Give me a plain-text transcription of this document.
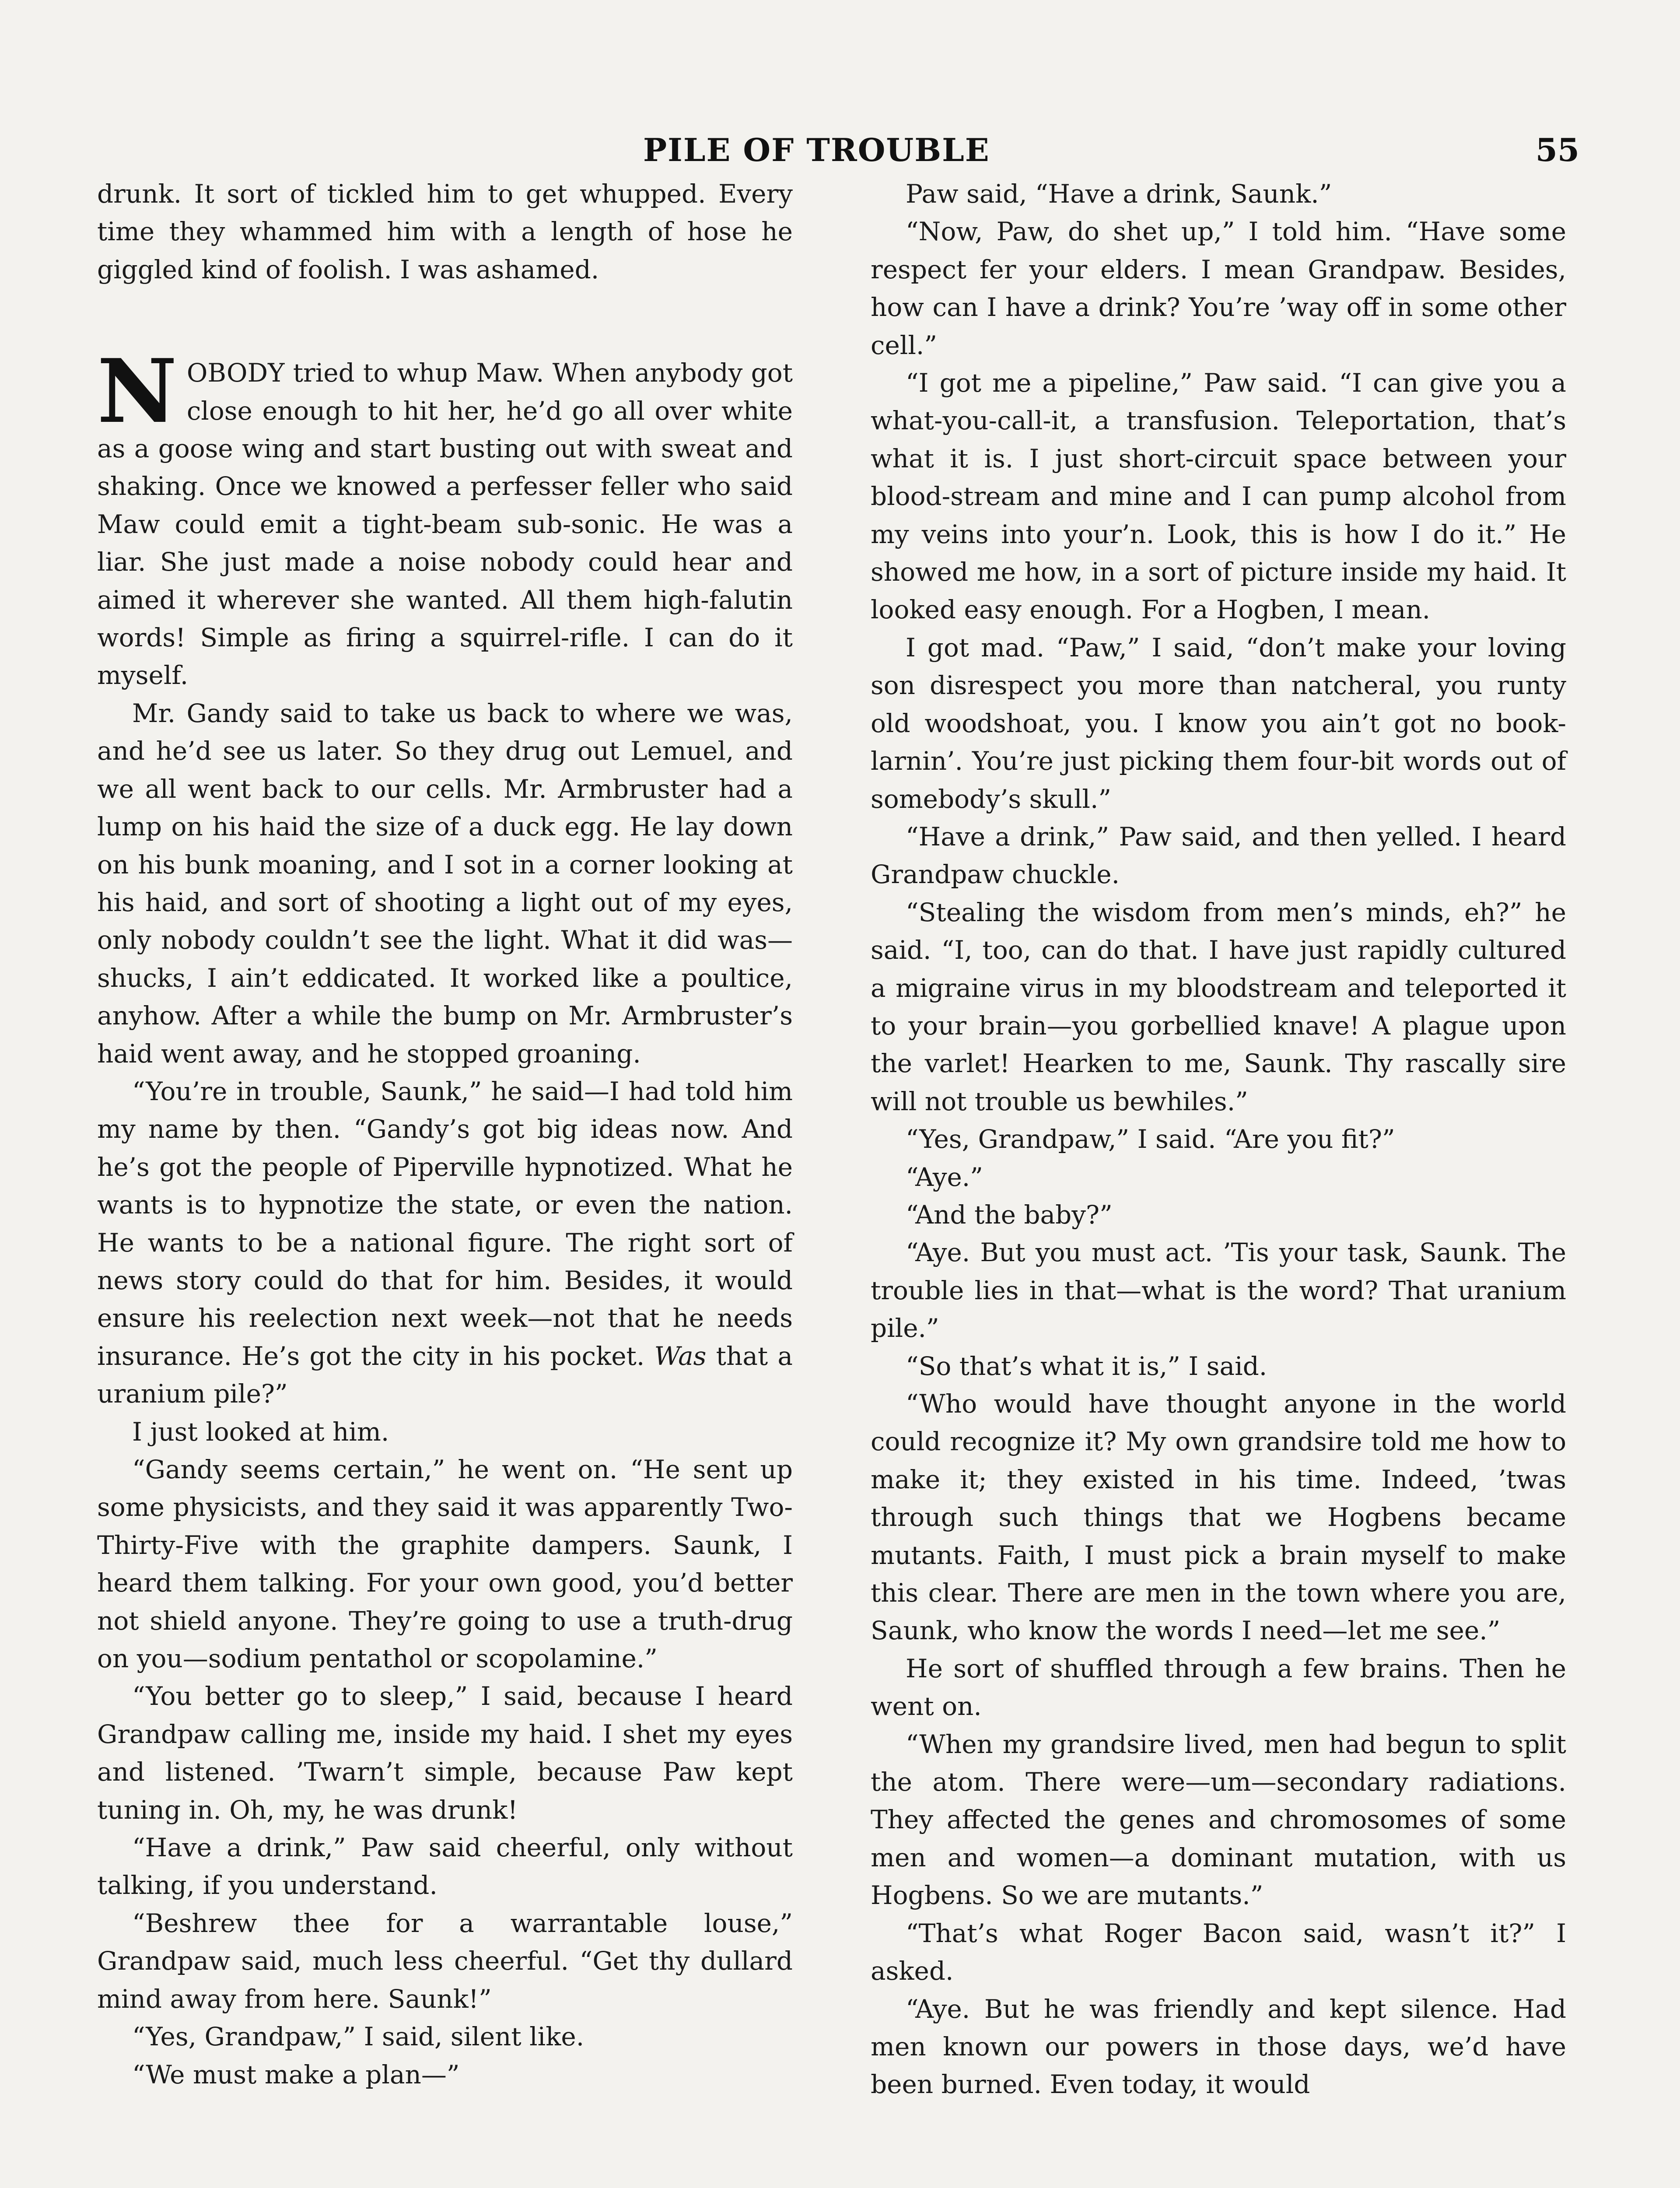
PILE OF TROUBLE	55

drunk. It sort of tickled him to get whupped. Every time they whammed him with a length of hose he giggled kind of foolish. I was ashamed.

NOBODY tried to whup Maw. When anybody got close enough to hit her, he’d go all over white as a goose wing and start busting out with sweat and shaking. Once we knowed a perfesser feller who said Maw could emit a tight-beam sub-sonic. He was a liar. She just made a noise nobody could hear and aimed it wherever she wanted. All them high-falutin words! Simple as firing a squirrel-rifle. I can do it myself.

Mr. Gandy said to take us back to where we was, and he’d see us later. So they drug out Lemuel, and we all went back to our cells. Mr. Armbruster had a lump on his haid the size of a duck egg. He lay down on his bunk moaning, and I sot in a corner looking at his haid, and sort of shooting a light out of my eyes, only nobody couldn’t see the light. What it did was—shucks, I ain’t eddicated. It worked like a poultice, anyhow. After a while the bump on Mr. Armbruster’s haid went away, and he stopped groaning.

“You’re in trouble, Saunk,” he said—I had told him my name by then. “Gandy’s got big ideas now. And he’s got the people of Piperville hypnotized. What he wants is to hypnotize the state, or even the nation. He wants to be a national figure. The right sort of news story could do that for him. Besides, it would ensure his reelection next week—not that he needs insurance. He’s got the city in his pocket. Was that a uranium pile?”

I just looked at him.

“Gandy seems certain,” he went on. “He sent up some physicists, and they said it was apparently Two-Thirty-Five with the graphite dampers. Saunk, I heard them talking. For your own good, you’d better not shield anyone. They’re going to use a truth-drug on you—sodium pentathol or scopolamine.”

“You better go to sleep,” I said, because I heard Grandpaw calling me, inside my haid. I shet my eyes and listened. ’Twarn’t simple, because Paw kept tuning in. Oh, my, he was drunk!

“Have a drink,” Paw said cheerful, only without talking, if you understand.

“Beshrew thee for a warrantable louse,” Grandpaw said, much less cheerful. “Get thy dullard mind away from here. Saunk!”

“Yes, Grandpaw,” I said, silent like.

“We must make a plan—”

Paw said, “Have a drink, Saunk.”

“Now, Paw, do shet up,” I told him. “Have some respect fer your elders. I mean Grandpaw. Besides, how can I have a drink? You’re ’way off in some other cell.”

“I got me a pipeline,” Paw said. “I can give you a what-you-call-it, a transfusion. Teleportation, that’s what it is. I just short-circuit space between your blood-stream and mine and I can pump alcohol from my veins into your’n. Look, this is how I do it.” He showed me how, in a sort of picture inside my haid. It looked easy enough. For a Hogben, I mean.

I got mad. “Paw,” I said, “don’t make your loving son disrespect you more than natcheral, you runty old woodshoat, you. I know you ain’t got no book-larnin’. You’re just picking them four-bit words out of somebody’s skull.”

“Have a drink,” Paw said, and then yelled. I heard Grandpaw chuckle.

“Stealing the wisdom from men’s minds, eh?” he said. “I, too, can do that. I have just rapidly cultured a migraine virus in my bloodstream and teleported it to your brain—you gorbellied knave! A plague upon the varlet! Hearken to me, Saunk. Thy rascally sire will not trouble us bewhiles.”

“Yes, Grandpaw,” I said. “Are you fit?”

“Aye.”

“And the baby?”

“Aye. But you must act. ’Tis your task, Saunk. The trouble lies in that—what is the word? That uranium pile.”

“So that’s what it is,” I said.

“Who would have thought anyone in the world could recognize it? My own grandsire told me how to make it; they existed in his time. Indeed, ’twas through such things that we Hogbens became mutants. Faith, I must pick a brain myself to make this clear. There are men in the town where you are, Saunk, who know the words I need—let me see.”

He sort of shuffled through a few brains. Then he went on.

“When my grandsire lived, men had begun to split the atom. There were—um—secondary radiations. They affected the genes and chromosomes of some men and women—a dominant mutation, with us Hogbens. So we are mutants.”

“That’s what Roger Bacon said, wasn’t it?” I asked.

“Aye. But he was friendly and kept silence. Had men known our powers in those days, we’d have been burned. Even today, it would
